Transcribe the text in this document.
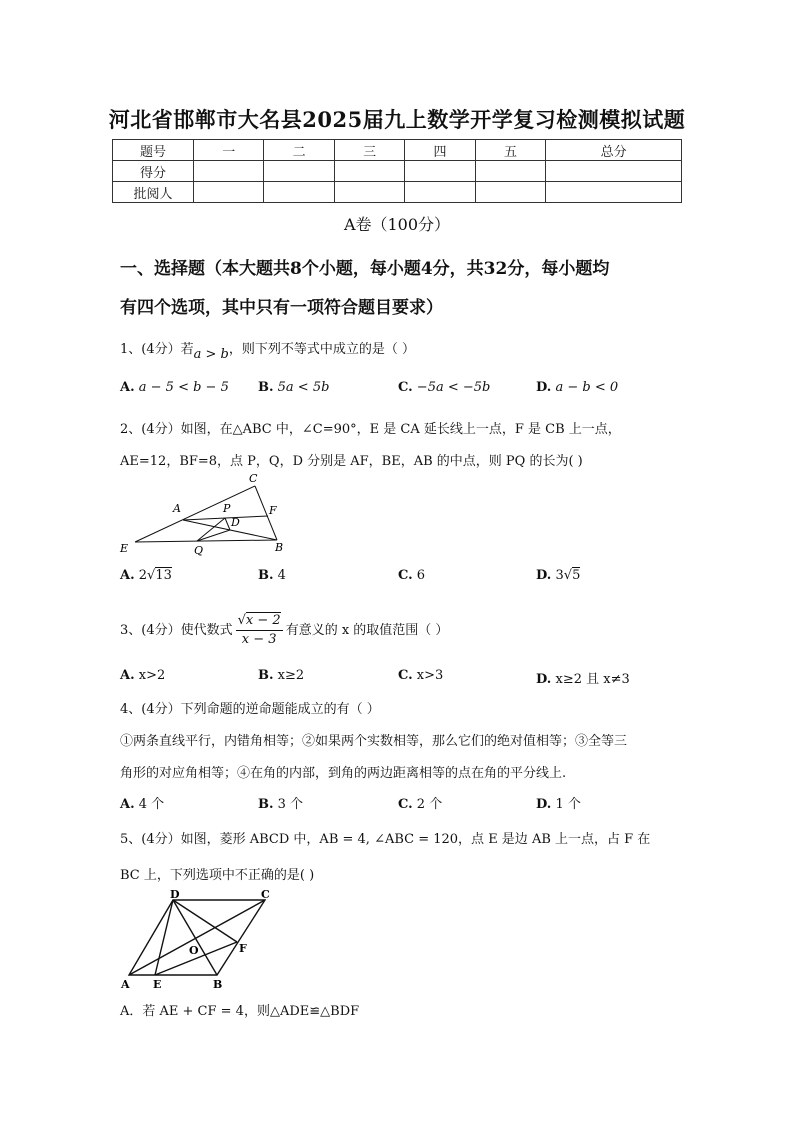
河北省邯郸市大名县2025届九上数学开学复习检测模拟试题
题号	一	二	三	四	五	总分
得分						
批阅人						
A卷（100分）
一、选择题（本大题共8个小题，每小题4分，共32分，每小题均
有四个选项，其中只有一项符合题目要求）
1、(4分）若a > b，则下列不等式中成立的是（ ）
A. a − 5 < b − 5 B. 5a < 5b	C. −5a < −5b	D. a − b < 0
2、(4分）如图，在△ABC 中，∠C=90°，E 是 CA 延长线上一点，F 是 CB 上一点，
AE=12，BF=8，点 P，Q，D 分别是 AF，BE，AB 的中点，则 PQ 的长为( )
C
A	P	F
D
E	Q	B
A. 2√13	B. 4	C. 6	D. 3√5
3、(4分）使代数式 $\frac{√x - 2}{x - 3}$ 有意义的 x 的取值范围（ ）
A. x>2	B. x≥2	C. x>3	D. x≥2 且 x≠3
4、(4分）下列命题的逆命题能成立的有（ ）
①两条直线平行，内错角相等；②如果两个实数相等，那么它们的绝对值相等；③全等三
角形的对应角相等；④在角的内部，到角的两边距离相等的点在角的平分线上.
A. 4 个	B. 3 个	C. 2 个	D. 1 个
5、(4分）如图，菱形 ABCD 中，AB = 4, ∠ABC = 120，点 E 是边 AB 上一点，占 F 在
BC 上，下列选项中不正确的是( )
D	C
O	F
A E	B
A．若 AE + CF = 4，则△ADE≌△BDF
